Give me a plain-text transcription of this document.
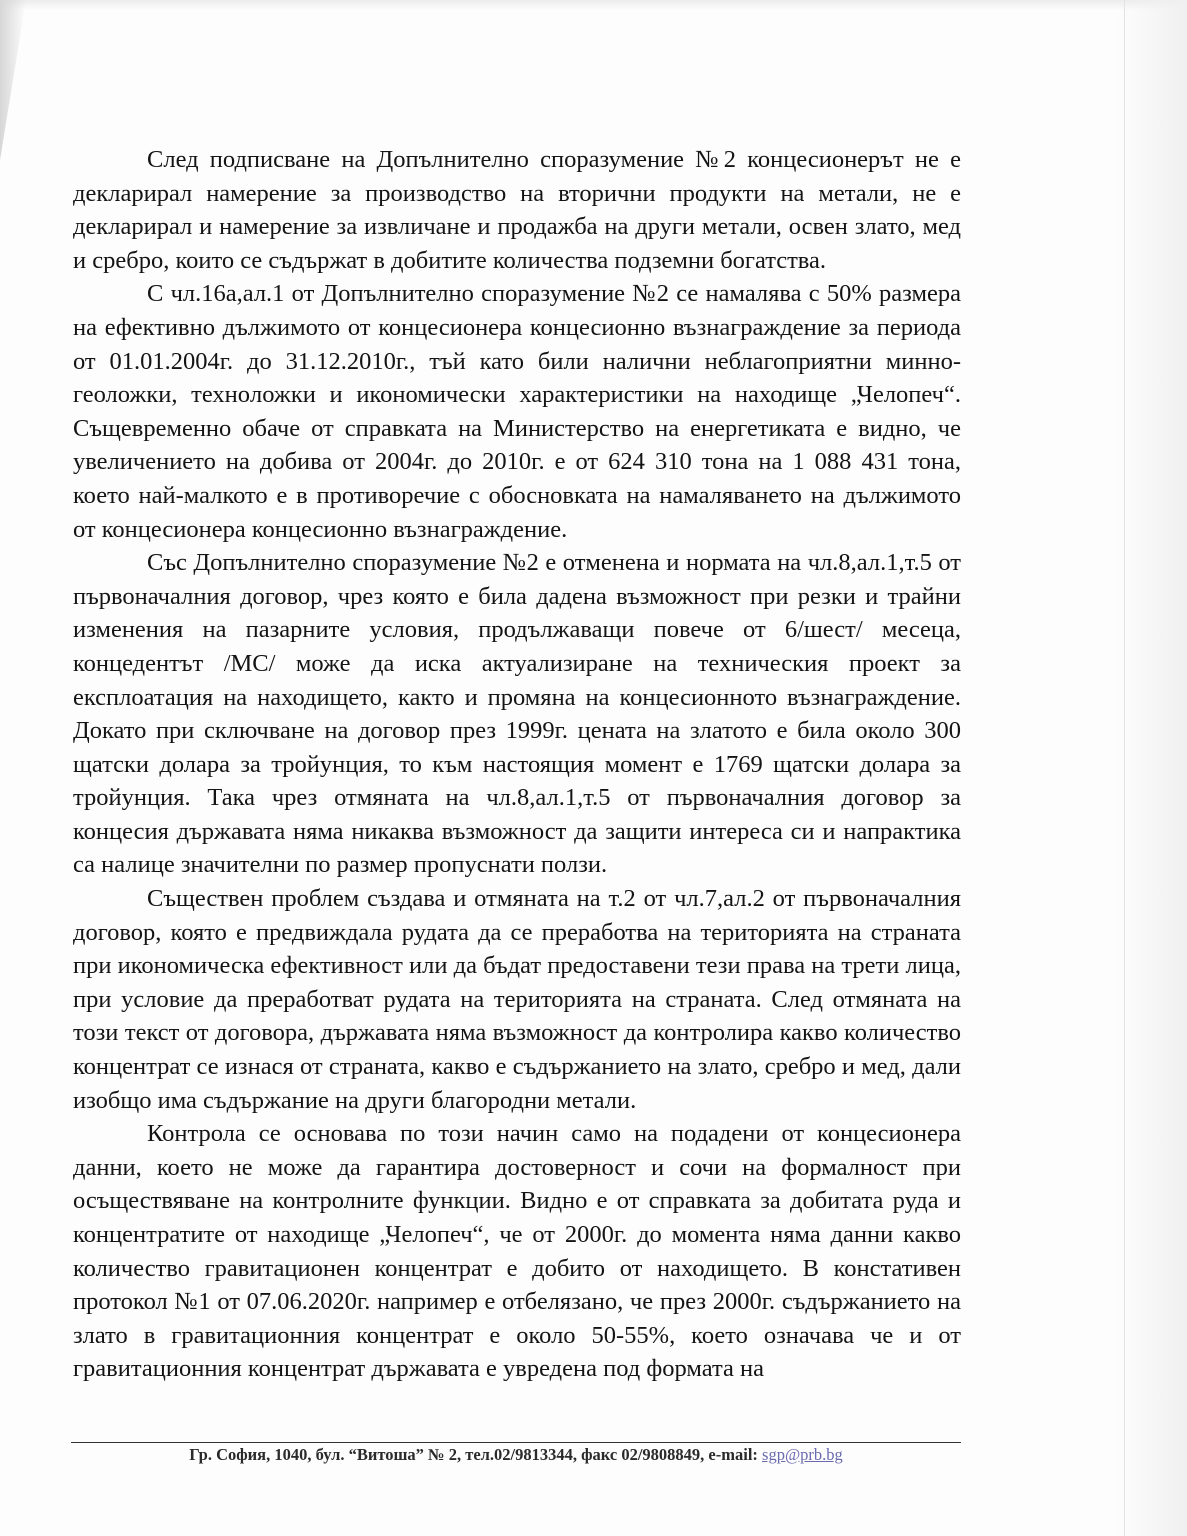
След подписване на Допълнително споразумение №2 концесионерът не е декларирал намерение за производство на вторични продукти на метали, не е декларирал и намерение за извличане и продажба на други метали, освен злато, мед и сребро, които се съдържат в добитите количества подземни богатства.

С чл.16а,ал.1 от Допълнително споразумение №2 се намалява с 50% размера на ефективно дължимото от концесионера концесионно възнаграждение за периода от 01.01.2004г. до 31.12.2010г., тъй като били налични неблагоприятни минно-геоложки, технoложки и икономически характеристики на находище „Челопеч“. Същевременно обаче от справката на Министерство на енергетиката е видно, че увеличението на добива от 2004г. до 2010г. е от 624 310 тона на 1 088 431 тона, което най-малкото е в противоречие с обосновката на намаляването на дължимото от концесионера концесионно възнаграждение.

Със Допълнително споразумение №2 е отменена и нормата на чл.8,ал.1,т.5 от първоначалния договор, чрез която е била дадена възможност при резки и трайни изменения на пазарните условия, продължаващи повече от 6/шест/ месеца, концедентът /МС/ може да иска актуализиране на техническия проект за експлоатация на находището, както и промяна на концесионното възнаграждение. Докато при сключване на договор през 1999г. цената на златото е била около 300 щатски долара за тройунция, то към настоящия момент е 1769 щатски долара за тройунция. Така чрез отмяната на чл.8,ал.1,т.5 от първоначалния договор за концесия държавата няма никаква възможност да защити интереса си и напрактика са налице значителни по размер пропуснати ползи.

Съществен проблем създава и отмяната на т.2 от чл.7,ал.2 от първоначалния договор, която е предвиждала рудата да се преработва на територията на страната при икономическа ефективност или да бъдат предоставени тези права на трети лица, при условие да преработват рудата на територията на страната. След отмяната на този текст от договора, държавата няма възможност да контролира какво количество концентрат се изнася от страната, какво е съдържанието на злато, сребро и мед, дали изобщо има съдържание на други благородни метали.

Контрола се основава по този начин само на подадени от концесионера данни, което не може да гарантира достоверност и сочи на формалност при осъществяване на контролните функции. Видно е от справката за добитата руда и концентратите от находище „Челопеч“, че от 2000г. до момента няма данни какво количество гравитационен концентрат е добито от находището. В констативен протокол №1 от 07.06.2020г. например е отбелязано, че през 2000г. съдържанието на злато в гравитационния концентрат е около 50-55%, което означава че и от гравитационния концентрат държавата е увредена под формата на

Гр. София, 1040, бул. “Витоша” № 2, тел.02/9813344, факс 02/9808849, e-mail: sgp@prb.bg
